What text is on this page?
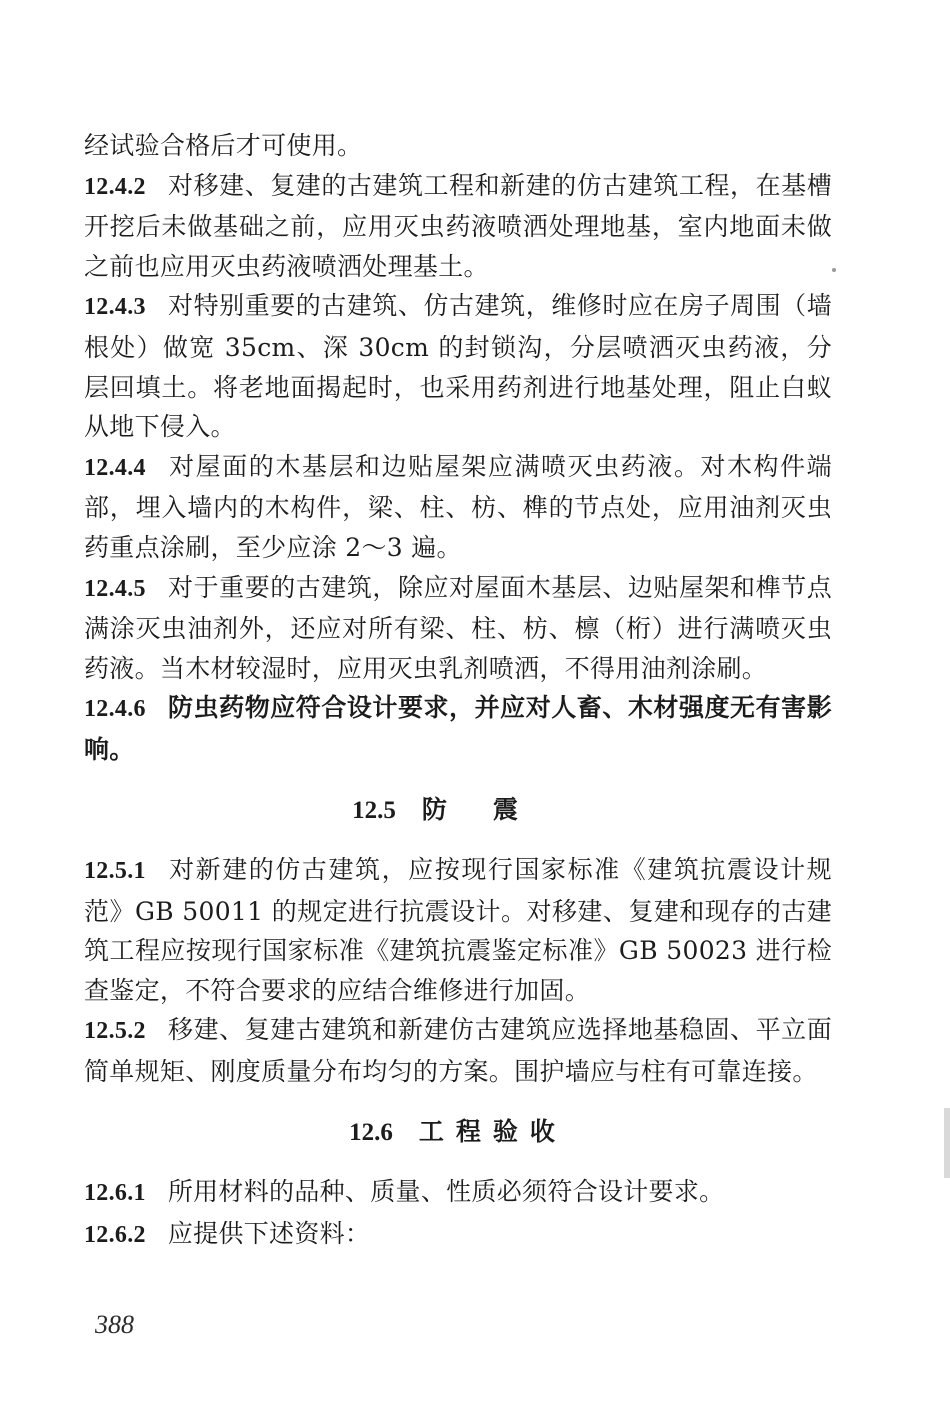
经试验合格后才可使用。

12.4.2 对移建、复建的古建筑工程和新建的仿古建筑工程，在基槽开挖后未做基础之前，应用灭虫药液喷洒处理地基，室内地面未做之前也应用灭虫药液喷洒处理基土。

12.4.3 对特别重要的古建筑、仿古建筑，维修时应在房子周围（墙根处）做宽 35cm、深 30cm 的封锁沟，分层喷洒灭虫药液，分层回填土。将老地面揭起时，也采用药剂进行地基处理，阻止白蚁从地下侵入。

12.4.4 对屋面的木基层和边贴屋架应满喷灭虫药液。对木构件端部，埋入墙内的木构件，梁、柱、枋、榫的节点处，应用油剂灭虫药重点涂刷，至少应涂 2～3 遍。

12.4.5 对于重要的古建筑，除应对屋面木基层、边贴屋架和榫节点满涂灭虫油剂外，还应对所有梁、柱、枋、檩（桁）进行满喷灭虫药液。当木材较湿时，应用灭虫乳剂喷洒，不得用油剂涂刷。

12.4.6 防虫药物应符合设计要求，并应对人畜、木材强度无有害影响。

12.5 防震

12.5.1 对新建的仿古建筑，应按现行国家标准《建筑抗震设计规范》GB 50011 的规定进行抗震设计。对移建、复建和现存的古建筑工程应按现行国家标准《建筑抗震鉴定标准》GB 50023 进行检查鉴定，不符合要求的应结合维修进行加固。

12.5.2 移建、复建古建筑和新建仿古建筑应选择地基稳固、平立面简单规矩、刚度质量分布均匀的方案。围护墙应与柱有可靠连接。

12.6 工程验收

12.6.1 所用材料的品种、质量、性质必须符合设计要求。

12.6.2 应提供下述资料：

388
